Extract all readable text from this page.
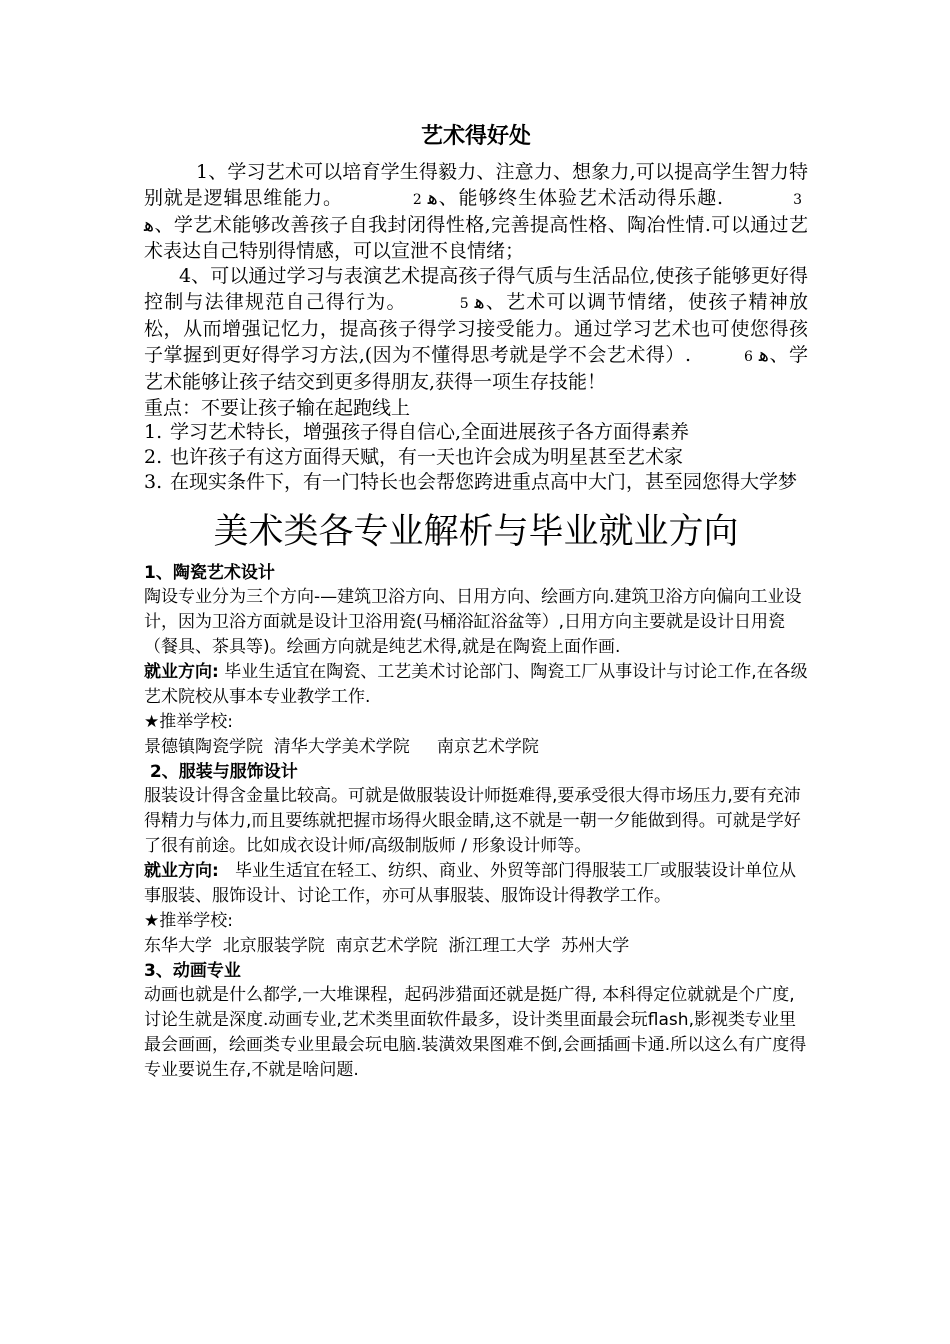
艺术得好处
1、学习艺术可以培育学生得毅力、注意力、想象力,可以提高学生智力特别就是逻辑思维能力。	2 ﻫ、能够终生体验艺术活动得乐趣.	3ﻫ、学艺术能够改善孩子自我封闭得性格,完善提高性格、陶冶性情.可以通过艺术表达自己特别得情感，可以宣泄不良情绪；
4、可以通过学习与表演艺术提高孩子得气质与生活品位,使孩子能够更好得控制与法律规范自己得行为。	5 ﻫ、艺术可以调节情绪，使孩子精神放松，从而增强记忆力，提高孩子得学习接受能力。通过学习艺术也可使您得孩子掌握到更好得学习方法,(因为不懂得思考就是学不会艺术得）.	6 ﻫ、学艺术能够让孩子结交到更多得朋友,获得一项生存技能！
重点：不要让孩子输在起跑线上
1. 学习艺术特长，增强孩子得自信心,全面进展孩子各方面得素养
2. 也许孩子有这方面得天赋，有一天也许会成为明星甚至艺术家
3. 在现实条件下，有一门特长也会帮您跨进重点高中大门，甚至园您得大学梦
美术类各专业解析与毕业就业方向
1、陶瓷艺术设计
陶设专业分为三个方向-—建筑卫浴方向、日用方向、绘画方向.建筑卫浴方向偏向工业设计，因为卫浴方面就是设计卫浴用瓷(马桶浴缸浴盆等）,日用方向主要就是设计日用瓷（餐具、茶具等)。绘画方向就是纯艺术得,就是在陶瓷上面作画.
就业方向: 毕业生适宜在陶瓷、工艺美术讨论部门、陶瓷工厂从事设计与讨论工作,在各级艺术院校从事本专业教学工作.
★推举学校:
景德镇陶瓷学院  清华大学美术学院     南京艺术学院
2、服装与服饰设计
服装设计得含金量比较高。可就是做服装设计师挺难得,要承受很大得市场压力,要有充沛得精力与体力,而且要练就把握市场得火眼金睛,这不就是一朝一夕能做到得。可就是学好了很有前途。比如成衣设计师/高级制版师 / 形象设计师等。
就业方向:   毕业生适宜在轻工、纺织、商业、外贸等部门得服装工厂或服装设计单位从事服装、服饰设计、讨论工作，亦可从事服装、服饰设计得教学工作。
★推举学校:
东华大学  北京服装学院  南京艺术学院  浙江理工大学  苏州大学
3、动画专业
动画也就是什么都学,一大堆课程，起码涉猎面还就是挺广得, 本科得定位就就是个广度,讨论生就是深度.动画专业,艺术类里面软件最多，设计类里面最会玩flash,影视类专业里最会画画，绘画类专业里最会玩电脑.装潢效果图难不倒,会画插画卡通.所以这么有广度得专业要说生存,不就是啥问题.
